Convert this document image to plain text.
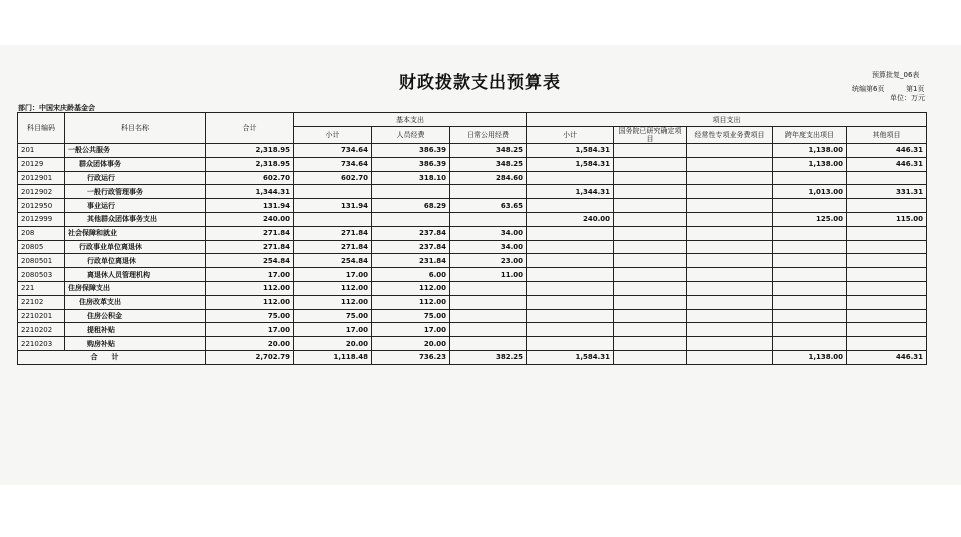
财政拨款支出预算表	预算批复_06表
统编第6页	第1页
单位：万元
部门：中国宋庆龄基金会
科目编码	科目名称	合计	基本支出			项目支出				
			小计	人员经费	日常公用经费	小计	国务院已研究确定项目	经常性专项业务费项目	跨年度支出项目	其他项目
201	一般公共服务	2,318.95	734.64	386.39	348.25	1,584.31			1,138.00	446.31
20129	群众团体事务	2,318.95	734.64	386.39	348.25	1,584.31			1,138.00	446.31
2012901	行政运行	602.70	602.70	318.10	284.60					
2012902	一般行政管理事务	1,344.31				1,344.31			1,013.00	331.31
2012950	事业运行	131.94	131.94	68.29	63.65					
2012999	其他群众团体事务支出	240.00				240.00			125.00	115.00
208	社会保障和就业	271.84	271.84	237.84	34.00					
20805	行政事业单位离退休	271.84	271.84	237.84	34.00					
2080501	行政单位离退休	254.84	254.84	231.84	23.00					
2080503	离退休人员管理机构	17.00	17.00	6.00	11.00					
221	住房保障支出	112.00	112.00	112.00						
22102	住房改革支出	112.00	112.00	112.00						
2210201	住房公积金	75.00	75.00	75.00						
2210202	提租补贴	17.00	17.00	17.00						
2210203	购房补贴	20.00	20.00	20.00						
合计		2,702.79	1,118.48	736.23	382.25	1,584.31			1,138.00	446.31
